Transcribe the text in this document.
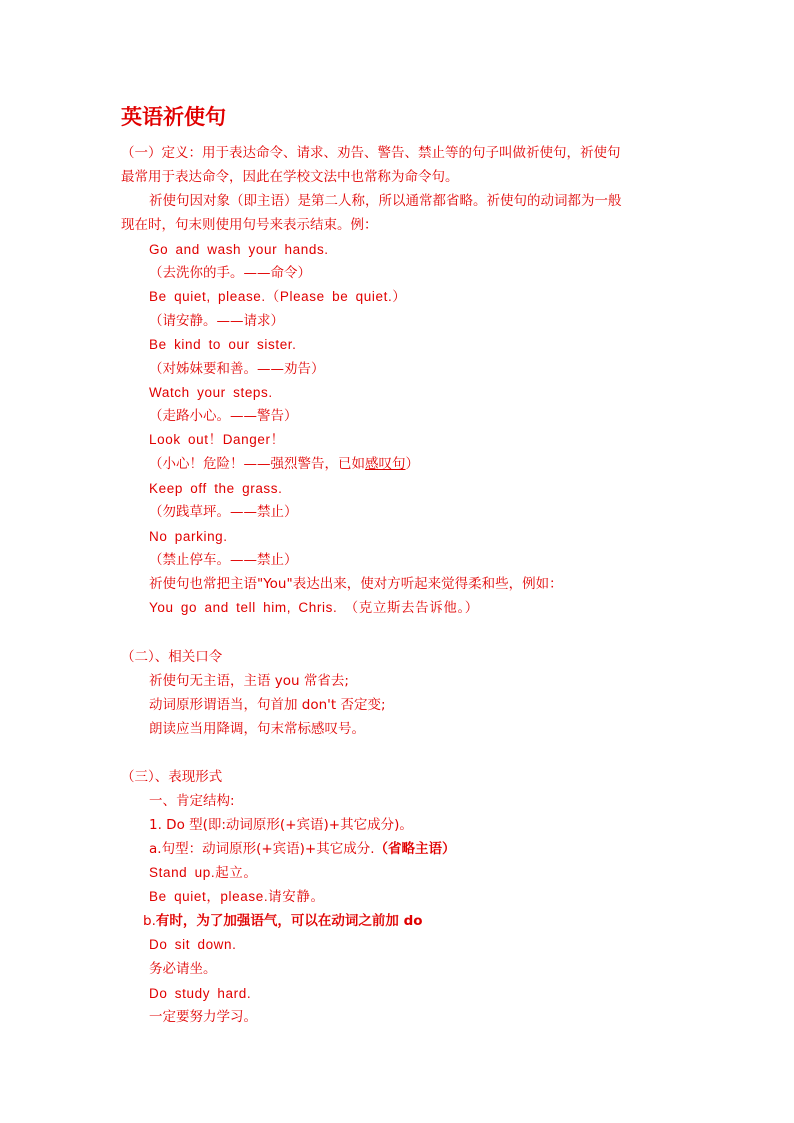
英语祈使句
（一）定义：用于表达命令、请求、劝告、警告、禁止等的句子叫做祈使句，祈使句
最常用于表达命令，因此在学校文法中也常称为命令句。
祈使句因对象（即主语）是第二人称，所以通常都省略。祈使句的动词都为一般
现在时，句末则使用句号来表示结束。例：
Go and wash your hands.
（去洗你的手。——命令）
Be quiet, please.（Please be quiet.）
（请安静。——请求）
Be kind to our sister.
（对姊妹要和善。——劝告）
Watch your steps.
（走路小心。——警告）
Look out！Danger！
（小心！危险！——强烈警告，已如感叹句）
Keep off the grass.
（勿践草坪。——禁止）
No parking.
（禁止停车。——禁止）
祈使句也常把主语"You"表达出来，使对方听起来觉得柔和些，例如：
You go and tell him, Chris. （克立斯去告诉他。）
（二）、相关口令
祈使句无主语，主语 you 常省去;
动词原形谓语当，句首加 don't 否定变;
朗读应当用降调，句末常标感叹号。
（三）、表现形式
一、肯定结构:
1. Do 型(即:动词原形(+宾语)+其它成分)。
a.句型：动词原形(+宾语)+其它成分.（省略主语）
Stand up.起立。
Be quiet，please.请安静。
b.有时，为了加强语气，可以在动词之前加 do
Do sit down.
务必请坐。
Do study hard.
一定要努力学习。
